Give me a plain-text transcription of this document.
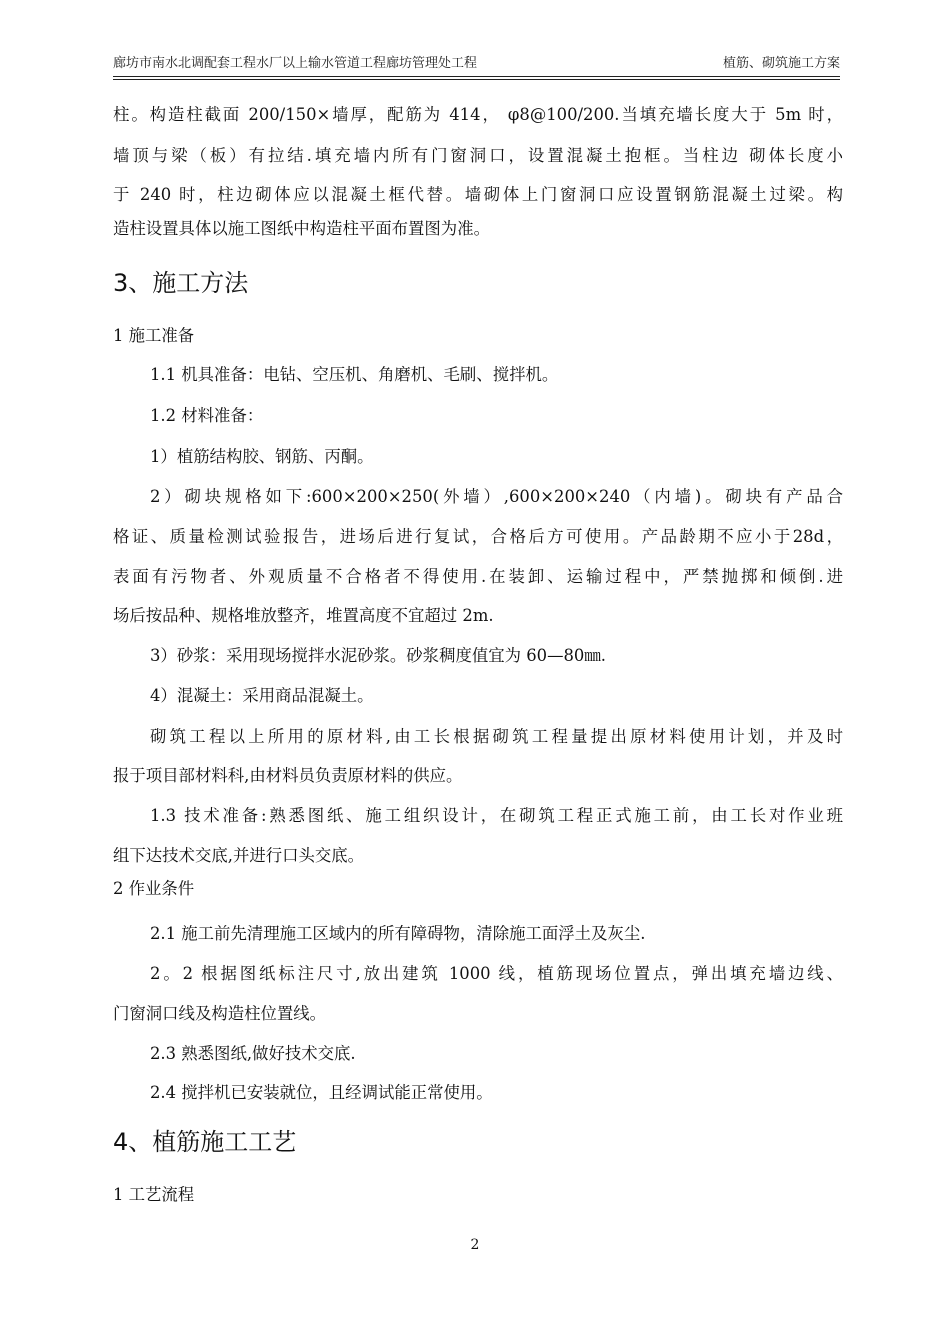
廊坊市南水北调配套工程水厂以上输水管道工程廊坊管理处工程	植筋、砌筑施工方案
柱。构造柱截面 200/150×墙厚，配筋为 414， φ8@100/200.当填充墙长度大于 5m 时，
墙顶与梁（板）有拉结.填充墙内所有门窗洞口，设置混凝土抱框。当柱边 砌体长度小
于 240 时，柱边砌体应以混凝土框代替。墙砌体上门窗洞口应设置钢筋混凝土过梁。构
造柱设置具体以施工图纸中构造柱平面布置图为准。
3、施工方法
1 施工准备
1.1 机具准备：电钻、空压机、角磨机、毛刷、搅拌机。
1.2 材料准备：
1）植筋结构胶、钢筋、丙酮。
2）砌块规格如下:600×200×250(外墙）,600×200×240（内墙)。砌块有产品合
格证、质量检测试验报告，进场后进行复试，合格后方可使用。产品龄期不应小于28d，
表面有污物者、外观质量不合格者不得使用.在装卸、运输过程中，严禁抛掷和倾倒.进
场后按品种、规格堆放整齐，堆置高度不宜超过 2m.
3）砂浆：采用现场搅拌水泥砂浆。砂浆稠度值宜为 60—80㎜.
4）混凝土：采用商品混凝土。
砌筑工程以上所用的原材料,由工长根据砌筑工程量提出原材料使用计划，并及时
报于项目部材料科,由材料员负责原材料的供应。
1.3 技术准备:熟悉图纸、施工组织设计，在砌筑工程正式施工前，由工长对作业班
组下达技术交底,并进行口头交底。
2 作业条件
2.1 施工前先清理施工区域内的所有障碍物，清除施工面浮土及灰尘.
2。2 根据图纸标注尺寸,放出建筑 1000 线，植筋现场位置点，弹出填充墙边线、
门窗洞口线及构造柱位置线。
2.3 熟悉图纸,做好技术交底.
2.4 搅拌机已安装就位，且经调试能正常使用。
4、植筋施工工艺
1 工艺流程
2
